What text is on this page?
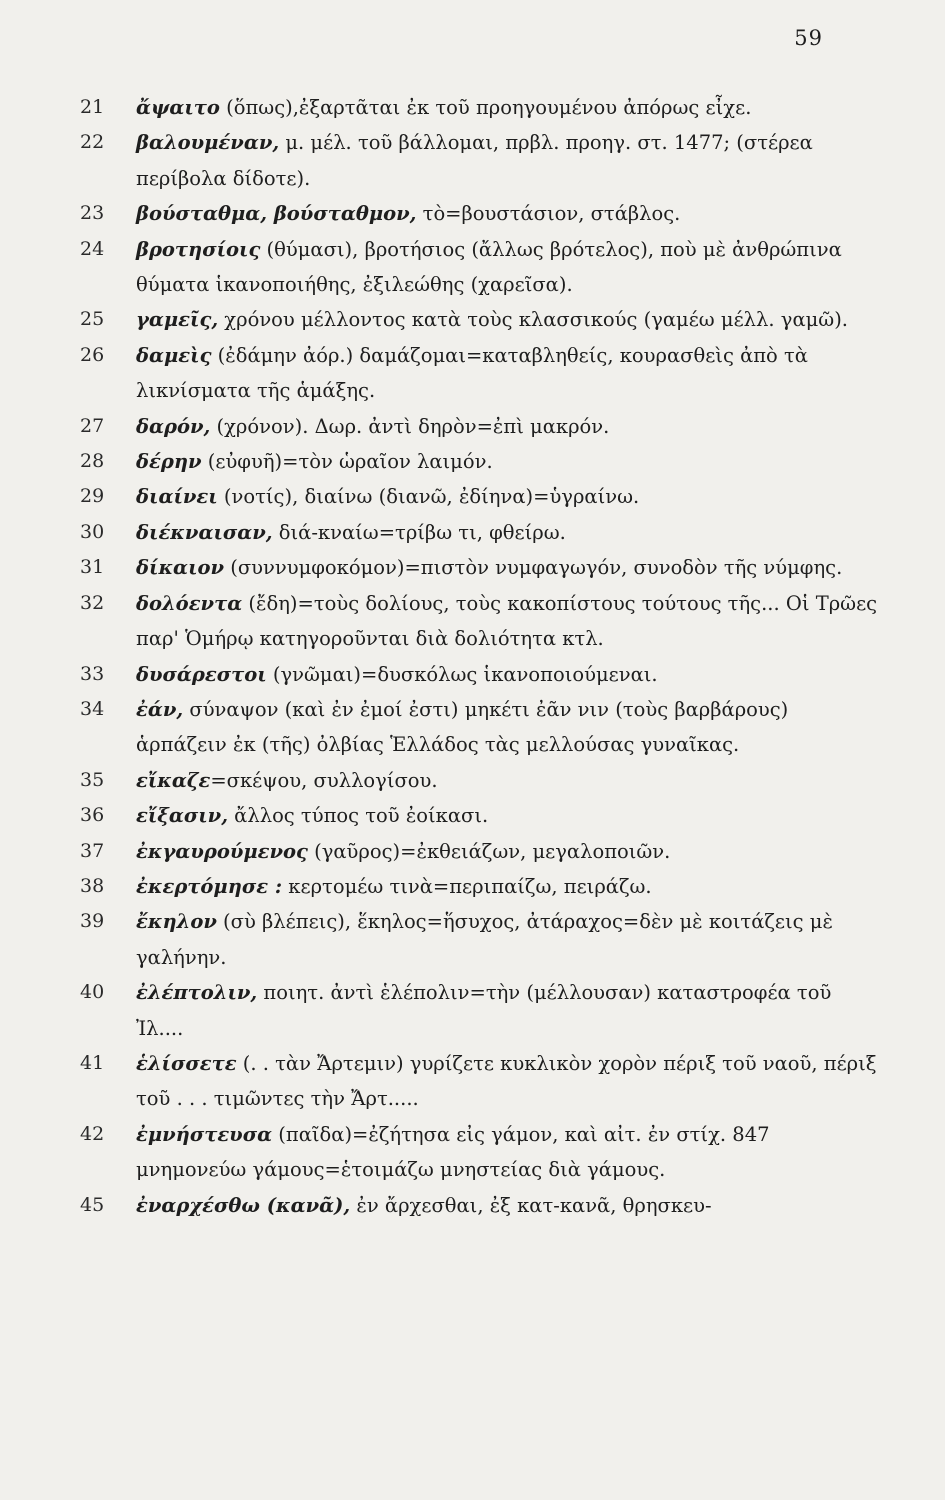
59
21	ἄψαιτο (ὅπως),ἐξαρτᾶται ἐκ τοῦ προηγουμένου ἀπόρως εἶχε.
22	βαλουμέναν, μ. μέλ. τοῦ βάλλομαι, πρβλ. προηγ. στ. 1477; (στέρεα περίβολα δίδοτε).
23	βούσταθμα, βούσταθμον, τὸ=βουστάσιον, στάβλος.
24	βροτησίοις (θύμασι), βροτήσιος (ἄλλως βρότελος), ποὺ μὲ ἀνθρώπινα θύματα ἱκανοποιήθης, ἐξιλεώθης (χαρεῖσα).
25	γαμεῖς, χρόνου μέλλοντος κατὰ τοὺς κλασσικούς (γαμέω μέλλ. γαμῶ).
26	δαμεὶς (ἐδάμην ἀόρ.) δαμάζομαι=καταβληθείς, κουρασθεὶς ἀπὸ τὰ λικνίσματα τῆς ἁμάξης.
27	δαρόν, (χρόνον). Δωρ. ἀντὶ δηρὸν=ἐπὶ μακρόν.
28	δέρην (εὐφυῆ)=τὸν ὡραῖον λαιμόν.
29	διαίνει (νοτίς), διαίνω (διανῶ, ἐδίηνα)=ὑγραίνω.
30	διέκναισαν, διά-κναίω=τρίβω τι, φθείρω.
31	δίκαιον (συννυμφοκόμον)=πιστὸν νυμφαγωγόν, συνοδὸν τῆς νύμφης.
32	δολόεντα (ἔδη)=τοὺς δολίους, τοὺς κακοπίστους τούτους τῆς... Οἱ Τρῶες παρ' Ὁμήρῳ κατηγοροῦνται διὰ δολιότητα κτλ.
33	δυσάρεστοι (γνῶμαι)=δυσκόλως ἱκανοποιούμεναι.
34	ἐάν, σύναψον (καὶ ἐν ἐμοί ἐστι) μηκέτι ἐᾶν νιν (τοὺς βαρβάρους) ἁρπάζειν ἐκ (τῆς) ὀλβίας Ἑλλάδος τὰς μελλούσας γυναῖκας.
35	εἴκαζε=σκέψου, συλλογίσου.
36	εἴξασιν, ἄλλος τύπος τοῦ ἐοίκασι.
37	ἐκγαυρούμενος (γαῦρος)=ἐκθειάζων, μεγαλοποιῶν.
38	ἐκερτόμησε : κερτομέω τινὰ=περιπαίζω, πειράζω.
39	ἔκηλον (σὺ βλέπεις), ἕκηλος=ἥσυχος, ἀτάραχος=δὲν μὲ κοιτάζεις μὲ γαλήνην.
40	ἐλέπτολιν, ποιητ. ἀντὶ ἑλέπολιν=τὴν (μέλλουσαν) καταστροφέα τοῦ Ἰλ....
41	ἑλίσσετε (. . τὰν Ἄρτεμιν) γυρίζετε κυκλικὸν χορὸν πέριξ τοῦ ναοῦ, πέριξ τοῦ . . . τιμῶντες τὴν Ἄρτ.....
42	ἐμνήστευσα (παῖδα)=ἐζήτησα εἰς γάμον, καὶ αἰτ. ἐν στίχ. 847 μνημονεύω γάμους=ἑτοιμάζω μνηστείας διὰ γάμους.
45	ἐναρχέσθω (κανᾶ), ἐν ἄρχεσθαι, ἐξ κατ-κανᾶ, θρησκευ-
